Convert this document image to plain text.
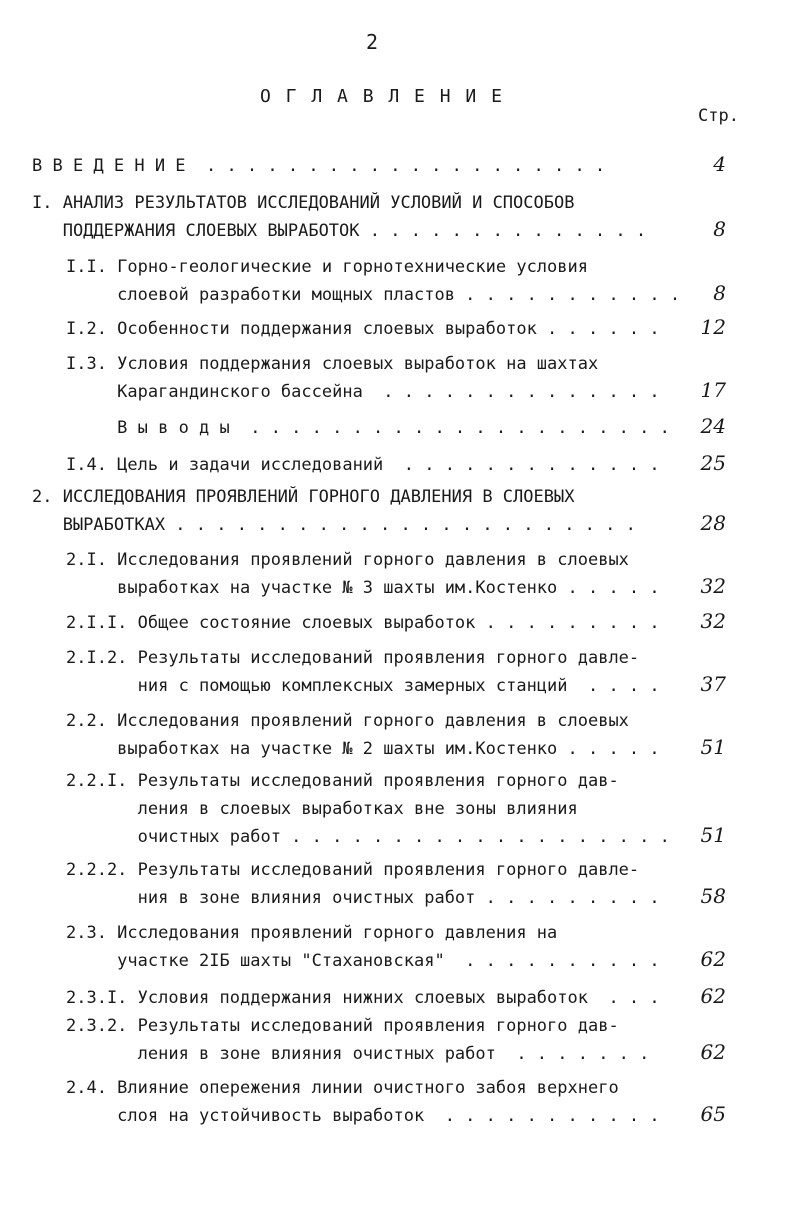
2
О Г Л А В Л Е Н И Е
Стр.
В В Е Д Е Н И Е  . . . . . . . . . . . . . . . . . . . .	4
I. АНАЛИЗ РЕЗУЛЬТАТОВ ИССЛЕДОВАНИЙ УСЛОВИЙ И СПОСОБОВ
ПОДДЕРЖАНИЯ СЛОЕВЫХ ВЫРАБОТОК . . . . . . . . . . . . . .	8
I.I. Горно-геологические и горнотехнические условия
слоевой разработки мощных пластов . . . . . . . . . . .	8
I.2. Особенности поддержания слоевых выработок . . . . . .	12
I.3. Условия поддержания слоевых выработок на шахтах
Карагандинского бассейна  . . . . . . . . . . . . . .	17
В ы в о д ы  . . . . . . . . . . . . . . . . . . . . .	24
I.4. Цель и задачи исследований  . . . . . . . . . . . . .	25
2. ИССЛЕДОВАНИЯ ПРОЯВЛЕНИЙ ГОРНОГО ДАВЛЕНИЯ В СЛОЕВЫХ
ВЫРАБОТКАХ . . . . . . . . . . . . . . . . . . . . . . .	28
2.I. Исследования проявлений горного давления в слоевых
выработках на участке № 3 шахты им.Костенко . . . . .	32
2.I.I. Общее состояние слоевых выработок . . . . . . . . .	32
2.I.2. Результаты исследований проявления горного давле-
ния с помощью комплексных замерных станций  . . . .	37
2.2. Исследования проявлений горного давления в слоевых
выработках на участке № 2 шахты им.Костенко . . . . .	51
2.2.I. Результаты исследований проявления горного дав-
ления в слоевых выработках вне зоны влияния
очистных работ . . . . . . . . . . . . . . . . . . .	51
2.2.2. Результаты исследований проявления горного давле-
ния в зоне влияния очистных работ . . . . . . . . .	58
2.3. Исследования проявлений горного давления на
участке 2IБ шахты "Стахановская"  . . . . . . . . . .	62
2.3.I. Условия поддержания нижних слоевых выработок  . . .	62
2.3.2. Результаты исследований проявления горного дав-
ления в зоне влияния очистных работ  . . . . . . .	62
2.4. Влияние опережения линии очистного забоя верхнего
слоя на устойчивость выработок  . . . . . . . . . . .	65
